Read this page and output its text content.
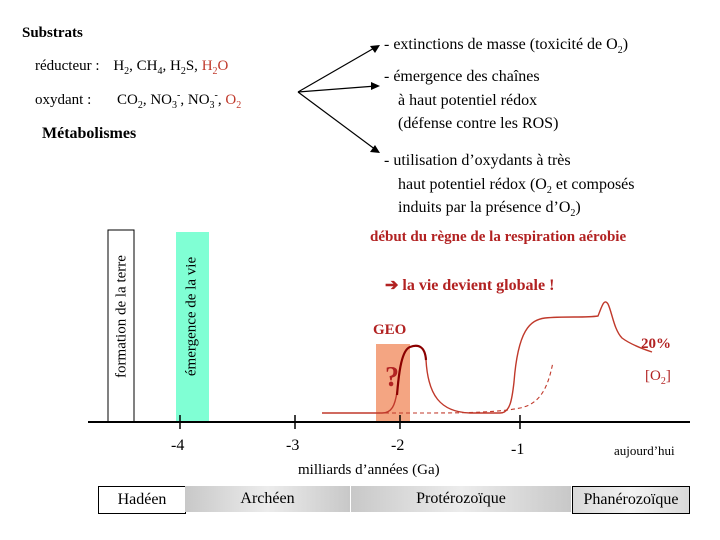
Substrats
réducteur : $H_2$, $CH_4$, $H_2S$, $H_2O$
oxydant : $CO_2$, $NO_3^-$, $NO_3^-$, $O_2$
Métabolismes
- extinctions de masse (toxicité de $O_2$)
- émergence des chaînes
à haut potentiel rédox
(défense contre les ROS)
- utilisation d’oxydants à très
haut potentiel rédox ($O_2$ et composés
induits par la présence $d’O_2$)
début du règne de la respiration aérobie
➔ la vie devient globale !
GEO
?
20%
$[O_2]$
formation de la terre	émergence de la vie
-4	-3	-2	-1	aujourd’hui
milliards d’années (Ga)
Hadéen	Archéen	Protérozoïque	Phanérozoïque
